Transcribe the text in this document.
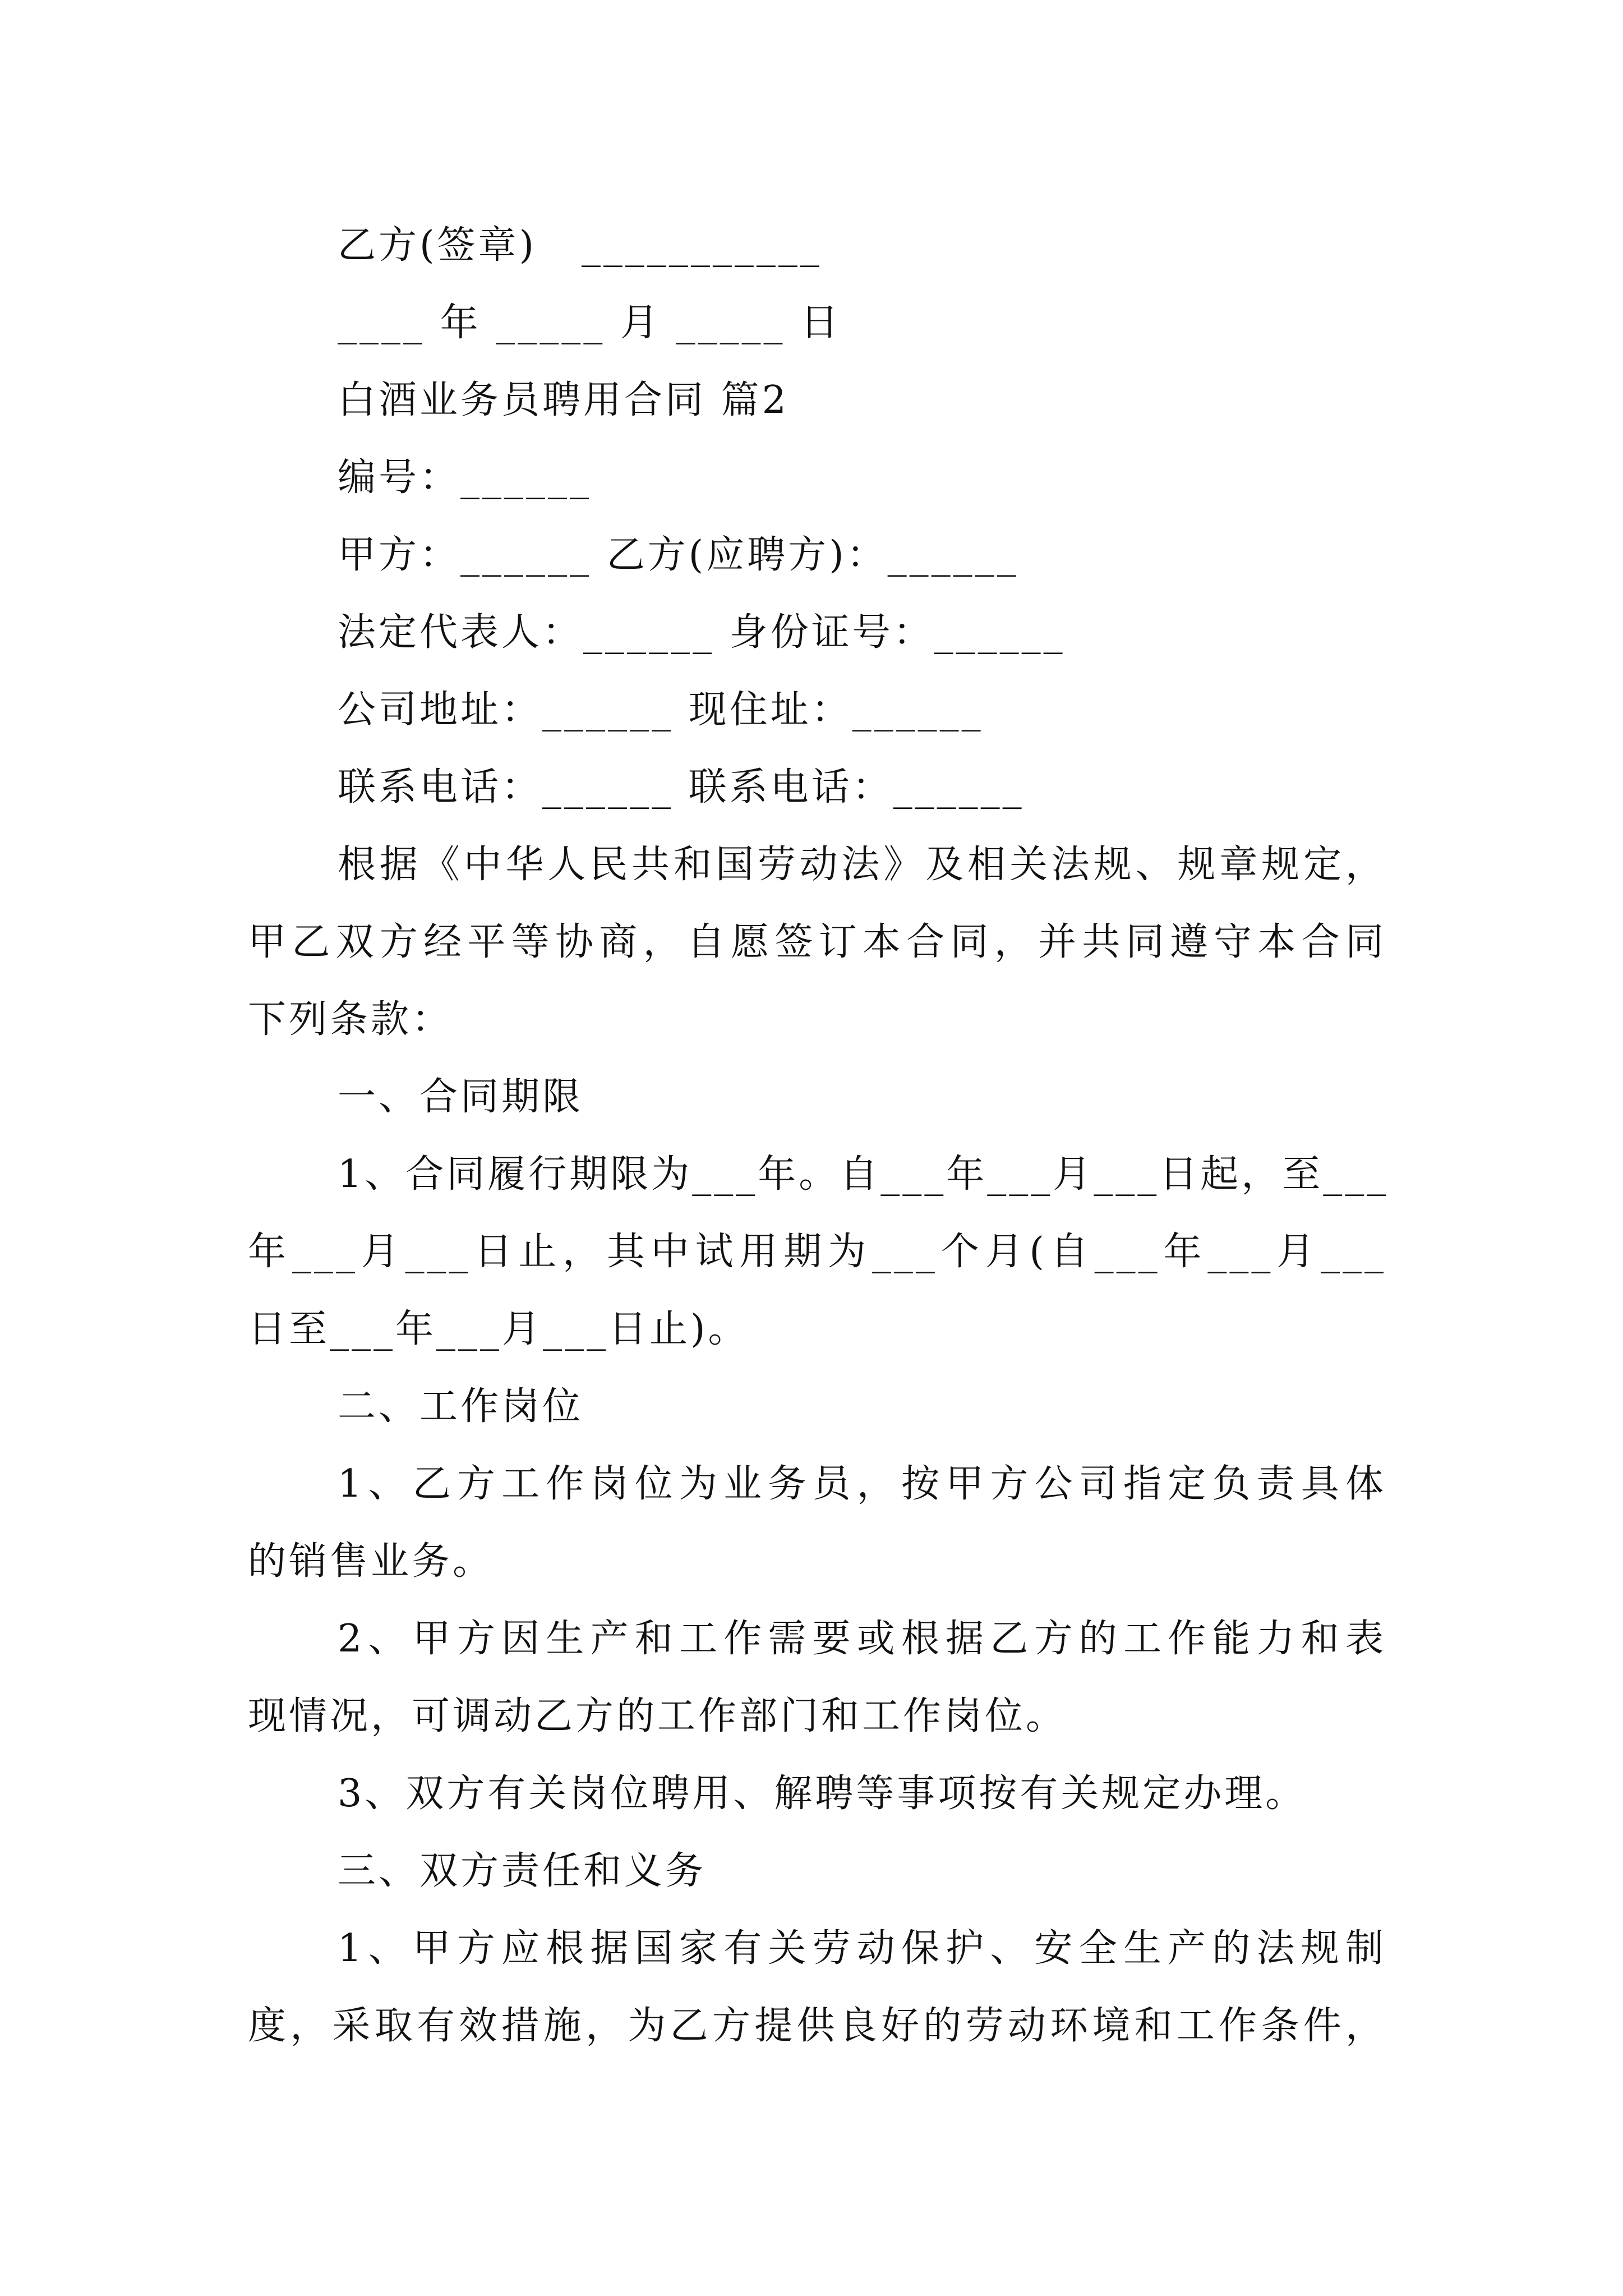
乙方(签章)   ___________
____ 年 _____ 月 _____ 日
白酒业务员聘用合同 篇2
编号：______
甲方：______ 乙方(应聘方)：______
法定代表人：______ 身份证号：______
公司地址：______ 现住址：______
联系电话：______ 联系电话：______
根据《中华人民共和国劳动法》及相关法规、规章规定，
甲乙双方经平等协商，自愿签订本合同，并共同遵守本合同
下列条款：
一、合同期限
1、合同履行期限为___年。自___年___月___日起，至___
年___月___日止，其中试用期为___个月(自___年___月___
日至___年___月___日止)。
二、工作岗位
1、乙方工作岗位为业务员，按甲方公司指定负责具体
的销售业务。
2、甲方因生产和工作需要或根据乙方的工作能力和表
现情况，可调动乙方的工作部门和工作岗位。
3、双方有关岗位聘用、解聘等事项按有关规定办理。
三、双方责任和义务
1、甲方应根据国家有关劳动保护、安全生产的法规制
度，采取有效措施，为乙方提供良好的劳动环境和工作条件，
